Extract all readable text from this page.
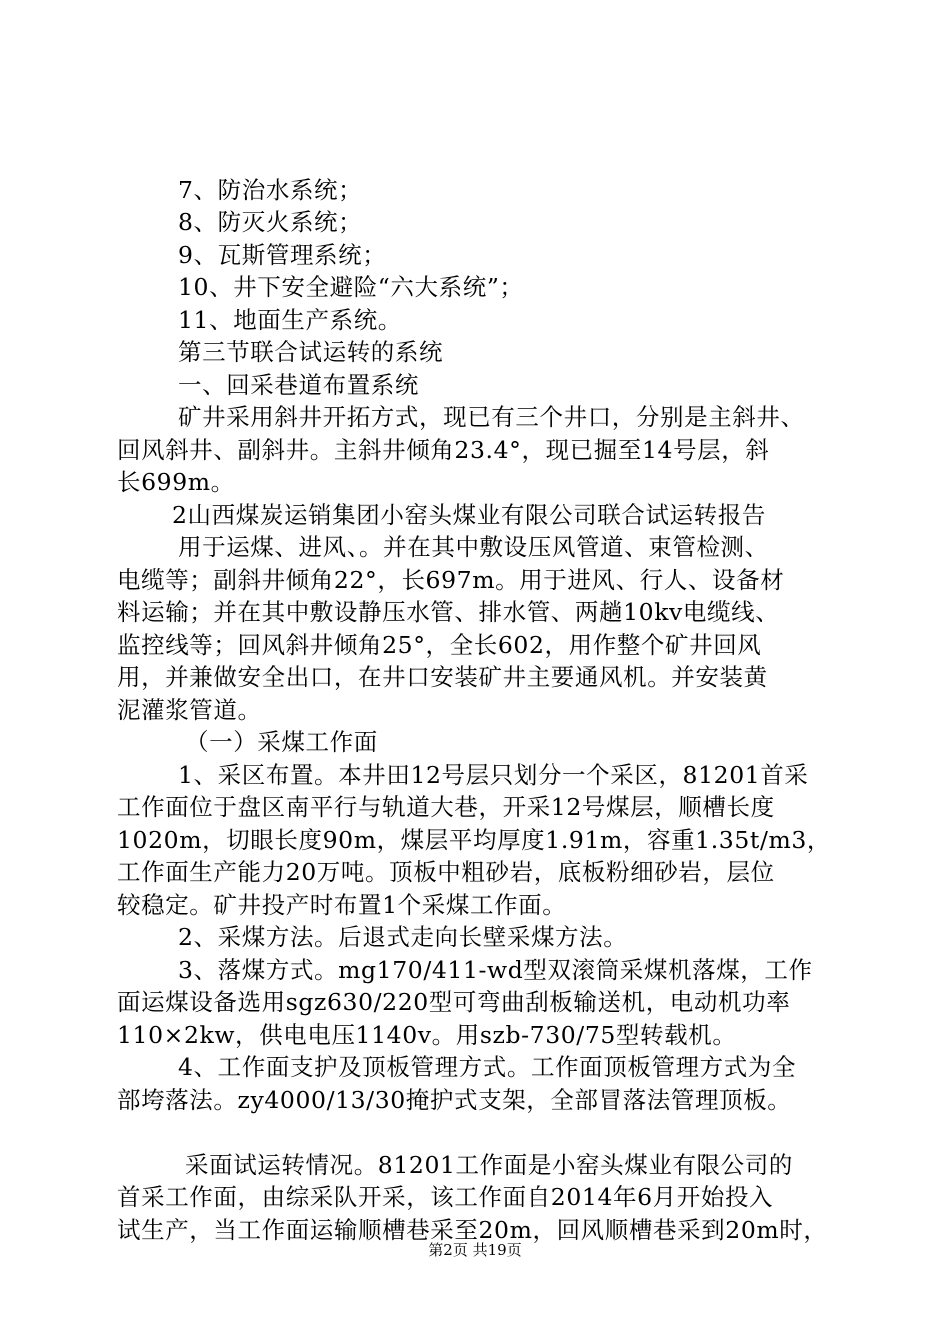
7、防治水系统；
8、防灭火系统；
9、瓦斯管理系统；
10、井下安全避险“六大系统”；
11、地面生产系统。
第三节联合试运转的系统
一、回采巷道布置系统
矿井采用斜井开拓方式，现已有三个井口，分别是主斜井、
回风斜井、副斜井。主斜井倾角23.4°，现已掘至14号层，斜
长699m。
2山西煤炭运销集团小窑头煤业有限公司联合试运转报告
用于运煤、进风、。并在其中敷设压风管道、束管检测、
电缆等；副斜井倾角22°，长697m。用于进风、行人、设备材
料运输；并在其中敷设静压水管、排水管、两趟10kv电缆线、
监控线等；回风斜井倾角25°，全长602，用作整个矿井回风
用，并兼做安全出口，在井口安装矿井主要通风机。并安装黄
泥灌浆管道。
（一）采煤工作面
1、采区布置。本井田12号层只划分一个采区，81201首采
工作面位于盘区南平行与轨道大巷，开采12号煤层，顺槽长度
1020m，切眼长度90m，煤层平均厚度1.91m，容重1.35t/m3，
工作面生产能力20万吨。顶板中粗砂岩，底板粉细砂岩，层位
较稳定。矿井投产时布置1个采煤工作面。
2、采煤方法。后退式走向长壁采煤方法。
3、落煤方式。mg170/411-wd型双滚筒采煤机落煤，工作
面运煤设备选用sgz630/220型可弯曲刮板输送机，电动机功率
110×2kw，供电电压1140v。用szb-730/75型转载机。
4、工作面支护及顶板管理方式。工作面顶板管理方式为全
部垮落法。zy4000/13/30掩护式支架，全部冒落法管理顶板。
采面试运转情况。81201工作面是小窑头煤业有限公司的
首采工作面，由综采队开采，该工作面自2014年6月开始投入
试生产，当工作面运输顺槽巷采至20m，回风顺槽巷采到20m时，
第2页 共19页
